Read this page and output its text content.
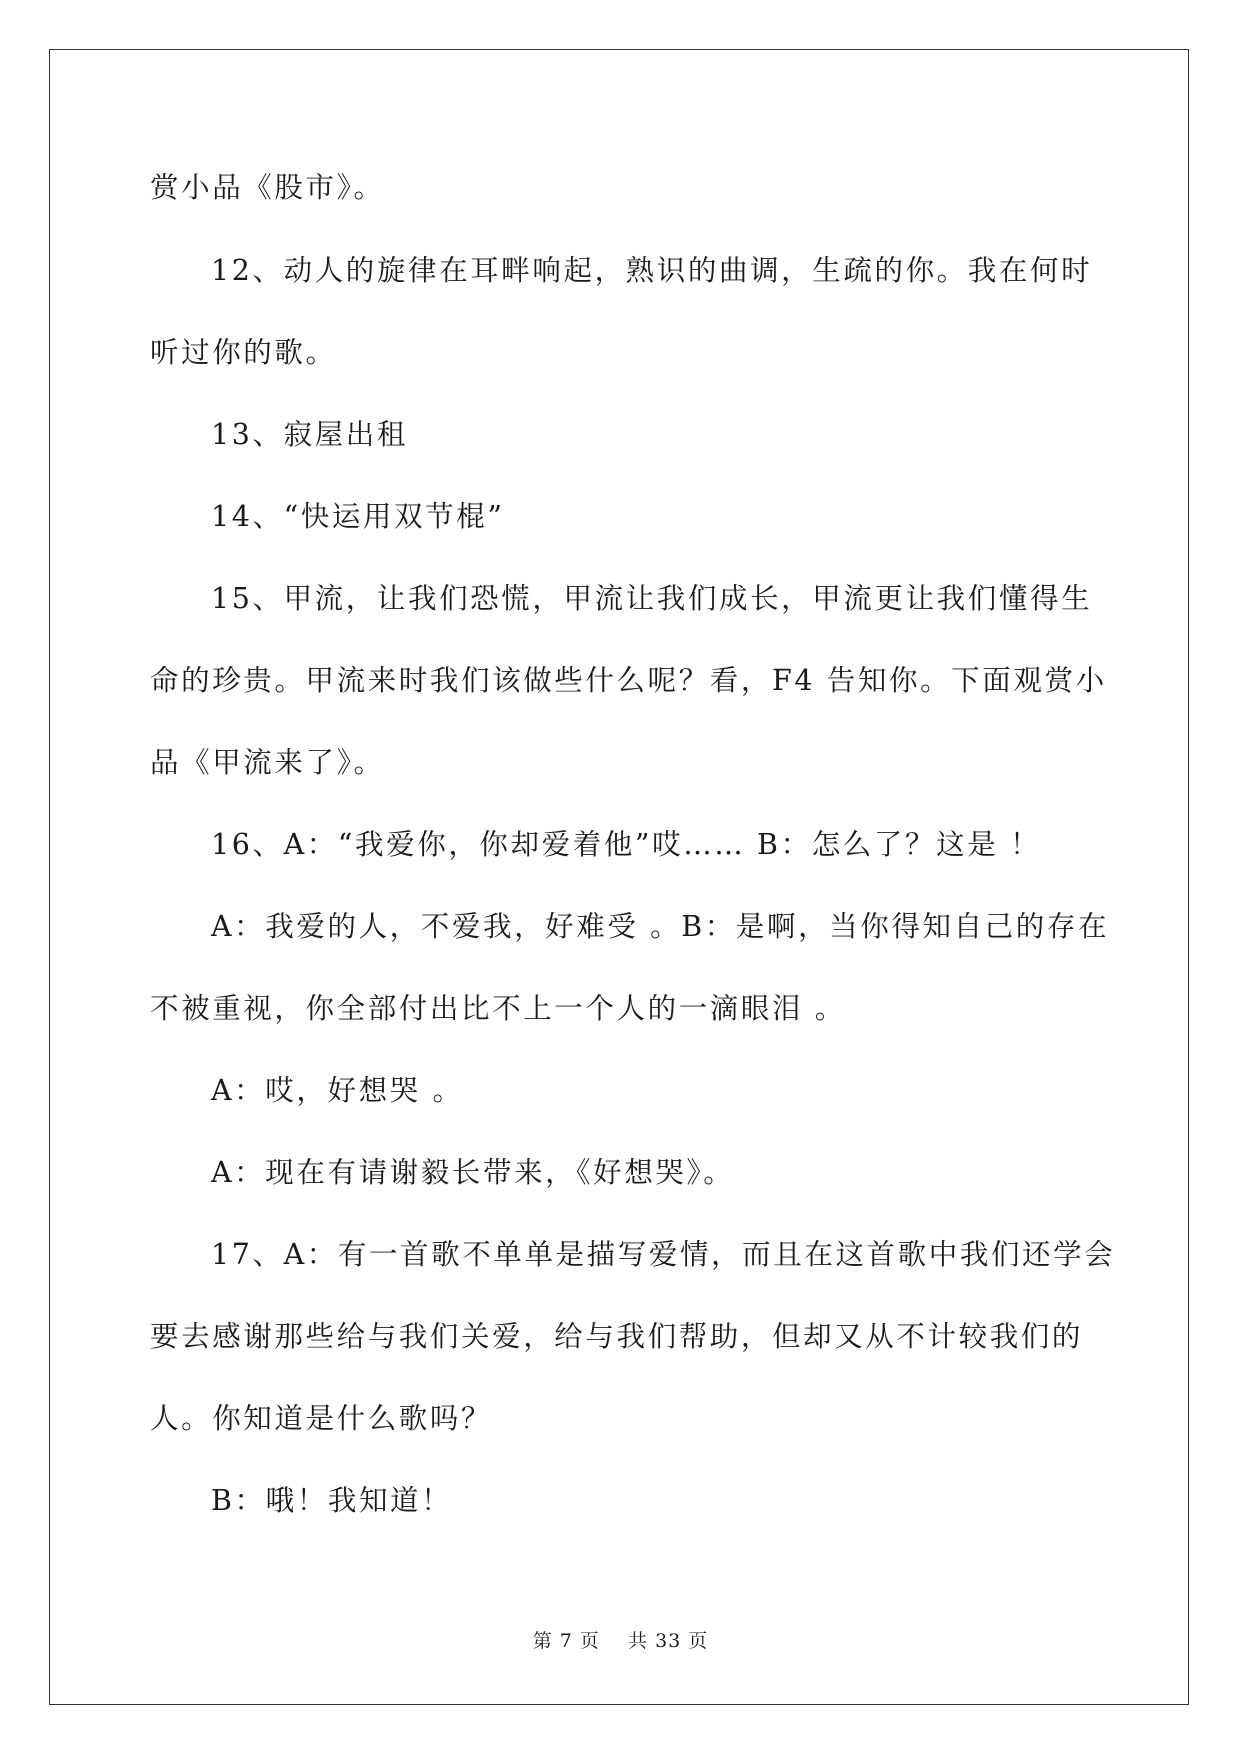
赏小品《股市》。

12、动人的旋律在耳畔响起，熟识的曲调，生疏的你。我在何时

听过你的歌。

13、寂屋出租

14、“快运用双节棍”

15、甲流，让我们恐慌，甲流让我们成长，甲流更让我们懂得生

命的珍贵。甲流来时我们该做些什么呢？看，F4 告知你。下面观赏小

品《甲流来了》。

16、A：“我爱你，你却爱着他”哎…… B：怎么了？这是 ！

A：我爱的人，不爱我，好难受 。B：是啊，当你得知自己的存在

不被重视，你全部付出比不上一个人的一滴眼泪 。

A：哎，好想哭 。

A：现在有请谢毅长带来，《好想哭》。

17、A：有一首歌不单单是描写爱情，而且在这首歌中我们还学会

要去感谢那些给与我们关爱，给与我们帮助，但却又从不计较我们的

人。你知道是什么歌吗？

B：哦！我知道！

第 7 页 共 33 页
